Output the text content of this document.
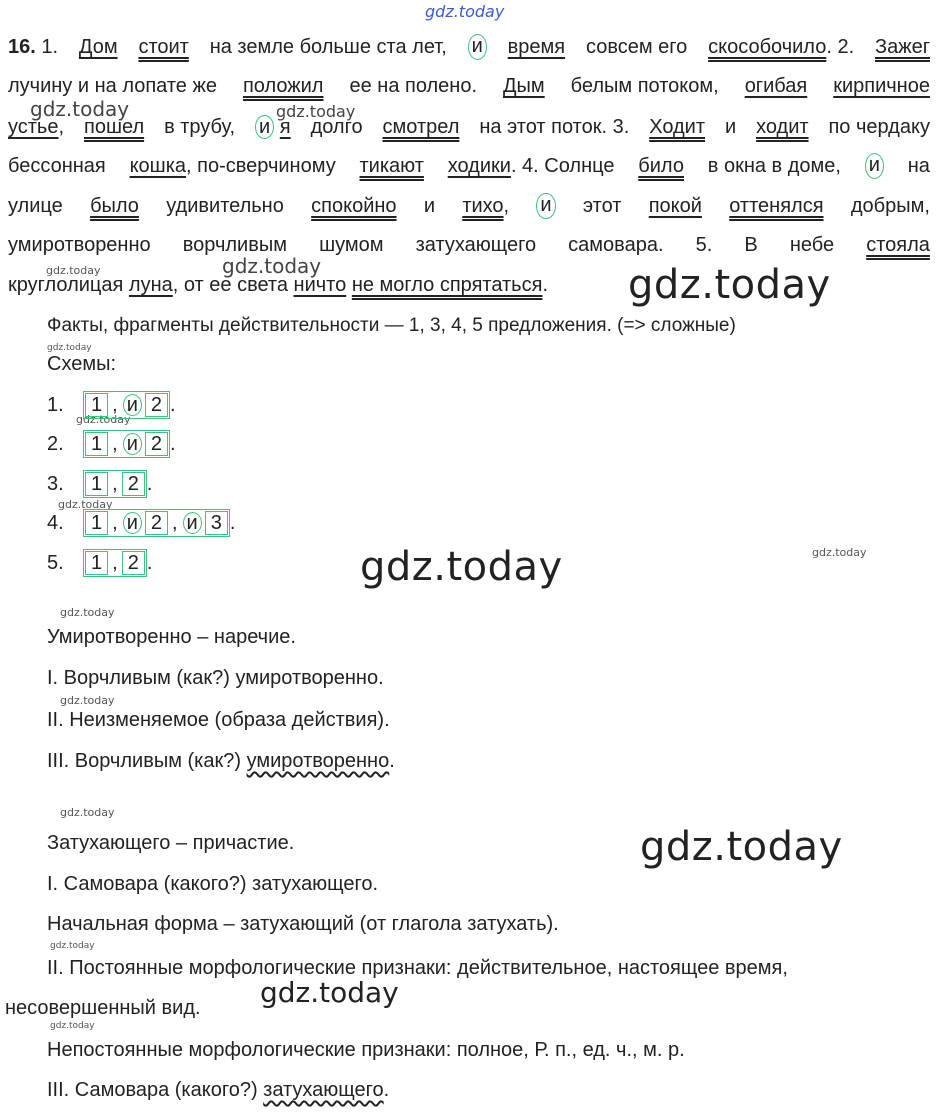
gdz.today
gdz.today	gdz.today
gdz.today
gdz.today	gdz.today
gdz.today
gdz.today
gdz.today
gdz.today	gdz.today
gdz.today
gdz.today
gdz.today
gdz.today
gdz.today
gdz.today
gdz.today
16. 1. Дом стоит на земле больше ста лет, и время совсем его скособочило. 2. Зажег
лучину и на лопате же положил ее на полено. Дым белым потоком, огибая кирпичное
устье, пошел в трубу, и я долго смотрел на этот поток. 3. Ходит и ходит по чердаку
бессонная кошка, по-сверчиному тикают ходики. 4. Солнце било в окна в доме, и на
улице было удивительно спокойно и тихо, и этот покой оттенялся добрым,
умиротворенно ворчливым шумом затухающего самовара. 5. В небе стояла
круглолицая луна, от ее света ничто не могло спрятаться.
Факты, фрагменты действительности — 1, 3, 4, 5 предложения. (=> сложные)
Схемы:
1.	1 , и 2 .
2.	1 , и 2 .
3.	1 , 2 .
4.	1 , и 2 , и 3 .
5.	1 , 2 .
Умиротворенно – наречие.
I. Ворчливым (как?) умиротворенно.
II. Неизменяемое (образа действия).
III. Ворчливым (как?) умиротворенно.
Затухающего – причастие.
I. Самовара (какого?) затухающего.
Начальная форма – затухающий (от глагола затухать).
II. Постоянные морфологические признаки: действительное, настоящее время,
несовершенный вид.
Непостоянные морфологические признаки: полное, Р. п., ед. ч., м. р.
III. Самовара (какого?) затухающего.
